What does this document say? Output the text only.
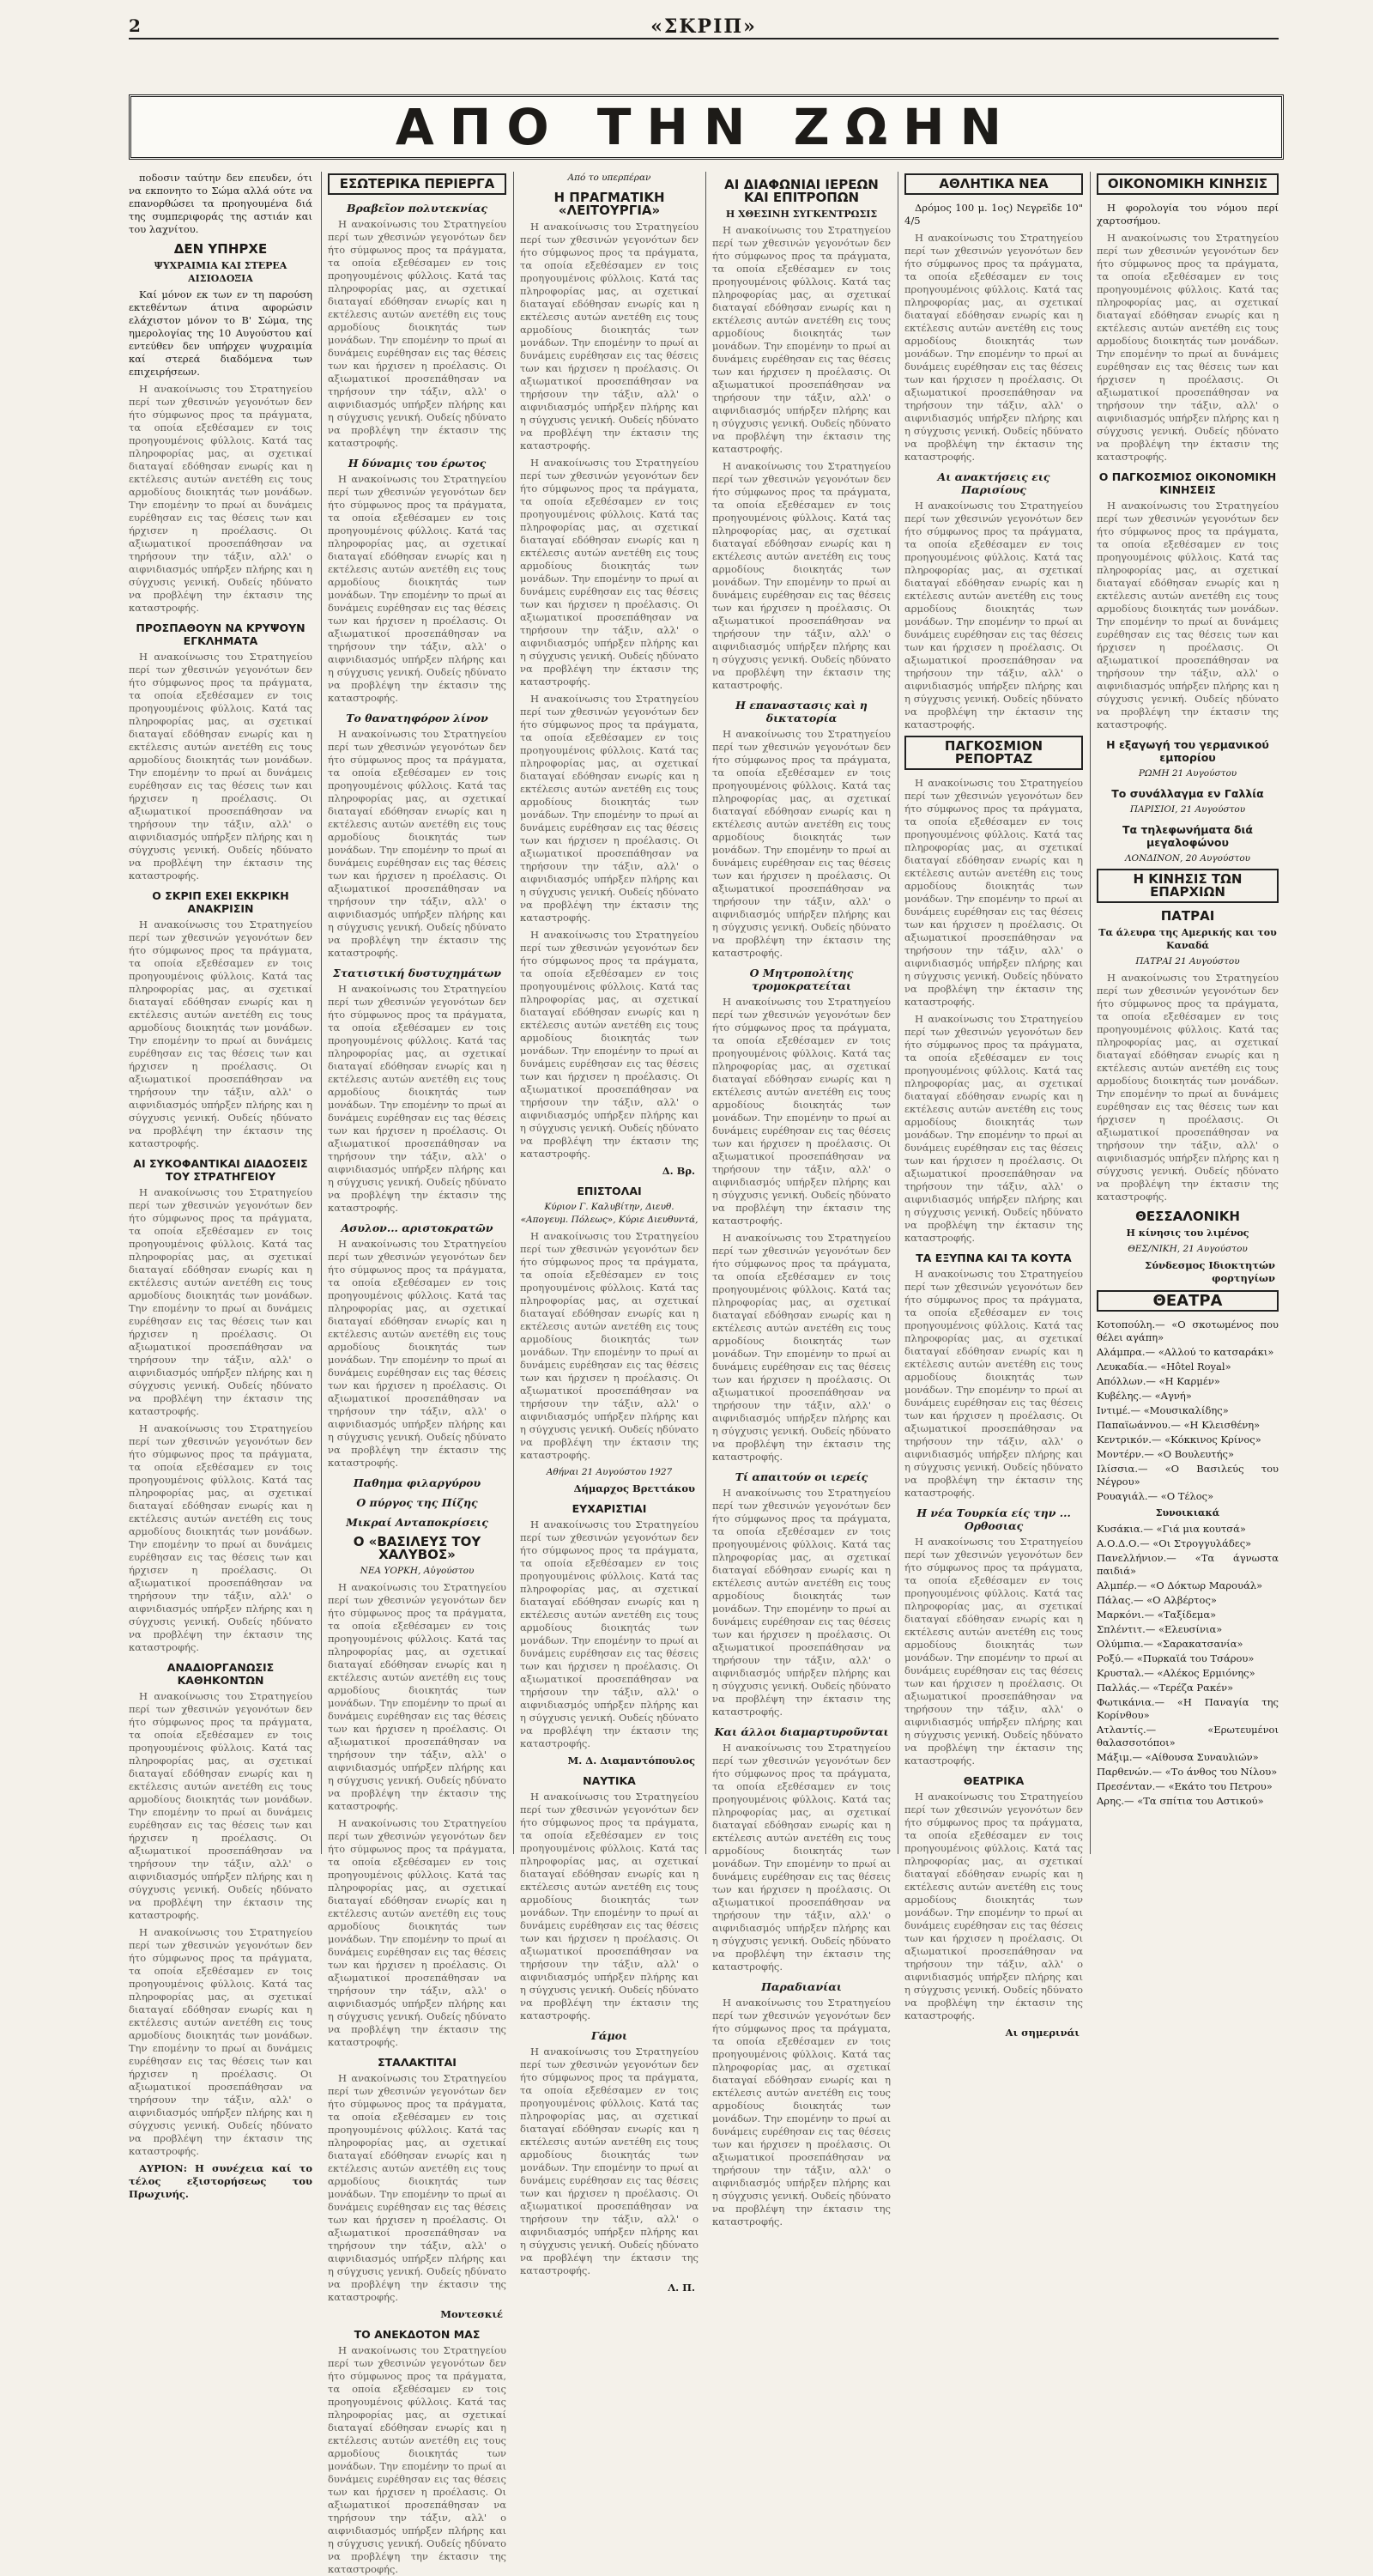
2	«ΣΚΡΙΠ»
ΑΠΟ ΤΗΝ ΖΩΗΝ

ποδοσιν ταύτην δεν επευδεν, ότι να εκπονητο το Σώμα αλλά ούτε να επανορθώσει τα προηγουμένα διά της συμπεριφοράς της αστιάν και του λαχνίτου.

ΔΕΝ ΥΠΗΡΧΕ
ΨΥΧΡΑΙΜΙΑ ΚΑΙ ΣΤΕΡΕΑ ΑΙΣΙΟΔΟΞΙΑ

Καί μόνον εκ των εν τη παρούση εκτεθέντων άτινα αφορώσιν ελάχιστον μόνον το Β' Σώμα, της ημερολογίας της 10 Αυγούστου καί εντεύθεν δεν υπήρχεν ψυχραιμία καί στερεά διαδόμενα των επιχειρήσεων.

Η ανακοίνωσις του Στρατηγείου περί των χθεσινών γεγονότων δεν ήτο σύμφωνος προς τα πράγματα, τα οποία εξεθέσαμεν εν τοις προηγουμένοις φύλλοις. Κατά τας πληροφορίας μας, αι σχετικαί διαταγαί εδόθησαν ενωρίς και η εκτέλεσις αυτών ανετέθη εις τους αρμοδίους διοικητάς των μονάδων. Την επομένην το πρωί αι δυνάμεις ευρέθησαν εις τας θέσεις των και ήρχισεν η προέλασις. Οι αξιωματικοί προσεπάθησαν να τηρήσουν την τάξιν, αλλ' ο αιφνιδιασμός υπήρξεν πλήρης και η σύγχυσις γενική. Ουδείς ηδύνατο να προβλέψη την έκτασιν της καταστροφής.

ΠΡΟΣΠΑΘΟΥΝ ΝΑ ΚΡΥΨΟΥΝ ΕΓΚΛΗΜΑΤΑ

Η ανακοίνωσις του Στρατηγείου περί των χθεσινών γεγονότων δεν ήτο σύμφωνος προς τα πράγματα, τα οποία εξεθέσαμεν εν τοις προηγουμένοις φύλλοις. Κατά τας πληροφορίας μας, αι σχετικαί διαταγαί εδόθησαν ενωρίς και η εκτέλεσις αυτών ανετέθη εις τους αρμοδίους διοικητάς των μονάδων. Την επομένην το πρωί αι δυνάμεις ευρέθησαν εις τας θέσεις των και ήρχισεν η προέλασις. Οι αξιωματικοί προσεπάθησαν να τηρήσουν την τάξιν, αλλ' ο αιφνιδιασμός υπήρξεν πλήρης και η σύγχυσις γενική. Ουδείς ηδύνατο να προβλέψη την έκτασιν της καταστροφής.

Ο ΣΚΡΙΠ ΕΧΕΙ ΕΚΚΡΙΚΗ ΑΝΑΚΡΙΣΙΝ

Η ανακοίνωσις του Στρατηγείου περί των χθεσινών γεγονότων δεν ήτο σύμφωνος προς τα πράγματα, τα οποία εξεθέσαμεν εν τοις προηγουμένοις φύλλοις. Κατά τας πληροφορίας μας, αι σχετικαί διαταγαί εδόθησαν ενωρίς και η εκτέλεσις αυτών ανετέθη εις τους αρμοδίους διοικητάς των μονάδων. Την επομένην το πρωί αι δυνάμεις ευρέθησαν εις τας θέσεις των και ήρχισεν η προέλασις. Οι αξιωματικοί προσεπάθησαν να τηρήσουν την τάξιν, αλλ' ο αιφνιδιασμός υπήρξεν πλήρης και η σύγχυσις γενική. Ουδείς ηδύνατο να προβλέψη την έκτασιν της καταστροφής.

ΑΙ ΣΥΚΟΦΑΝΤΙΚΑΙ ΔΙΑΔΟΣΕΙΣ ΤΟΥ ΣΤΡΑΤΗΓΕΙΟΥ

Η ανακοίνωσις του Στρατηγείου περί των χθεσινών γεγονότων δεν ήτο σύμφωνος προς τα πράγματα, τα οποία εξεθέσαμεν εν τοις προηγουμένοις φύλλοις. Κατά τας πληροφορίας μας, αι σχετικαί διαταγαί εδόθησαν ενωρίς και η εκτέλεσις αυτών ανετέθη εις τους αρμοδίους διοικητάς των μονάδων. Την επομένην το πρωί αι δυνάμεις ευρέθησαν εις τας θέσεις των και ήρχισεν η προέλασις. Οι αξιωματικοί προσεπάθησαν να τηρήσουν την τάξιν, αλλ' ο αιφνιδιασμός υπήρξεν πλήρης και η σύγχυσις γενική. Ουδείς ηδύνατο να προβλέψη την έκτασιν της καταστροφής.

Η ανακοίνωσις του Στρατηγείου περί των χθεσινών γεγονότων δεν ήτο σύμφωνος προς τα πράγματα, τα οποία εξεθέσαμεν εν τοις προηγουμένοις φύλλοις. Κατά τας πληροφορίας μας, αι σχετικαί διαταγαί εδόθησαν ενωρίς και η εκτέλεσις αυτών ανετέθη εις τους αρμοδίους διοικητάς των μονάδων. Την επομένην το πρωί αι δυνάμεις ευρέθησαν εις τας θέσεις των και ήρχισεν η προέλασις. Οι αξιωματικοί προσεπάθησαν να τηρήσουν την τάξιν, αλλ' ο αιφνιδιασμός υπήρξεν πλήρης και η σύγχυσις γενική. Ουδείς ηδύνατο να προβλέψη την έκτασιν της καταστροφής.

ΑΝΑΔΙΟΡΓΑΝΩΣΙΣ ΚΑΘΗΚΟΝΤΩΝ

Η ανακοίνωσις του Στρατηγείου περί των χθεσινών γεγονότων δεν ήτο σύμφωνος προς τα πράγματα, τα οποία εξεθέσαμεν εν τοις προηγουμένοις φύλλοις. Κατά τας πληροφορίας μας, αι σχετικαί διαταγαί εδόθησαν ενωρίς και η εκτέλεσις αυτών ανετέθη εις τους αρμοδίους διοικητάς των μονάδων. Την επομένην το πρωί αι δυνάμεις ευρέθησαν εις τας θέσεις των και ήρχισεν η προέλασις. Οι αξιωματικοί προσεπάθησαν να τηρήσουν την τάξιν, αλλ' ο αιφνιδιασμός υπήρξεν πλήρης και η σύγχυσις γενική. Ουδείς ηδύνατο να προβλέψη την έκτασιν της καταστροφής.

Η ανακοίνωσις του Στρατηγείου περί των χθεσινών γεγονότων δεν ήτο σύμφωνος προς τα πράγματα, τα οποία εξεθέσαμεν εν τοις προηγουμένοις φύλλοις. Κατά τας πληροφορίας μας, αι σχετικαί διαταγαί εδόθησαν ενωρίς και η εκτέλεσις αυτών ανετέθη εις τους αρμοδίους διοικητάς των μονάδων. Την επομένην το πρωί αι δυνάμεις ευρέθησαν εις τας θέσεις των και ήρχισεν η προέλασις. Οι αξιωματικοί προσεπάθησαν να τηρήσουν την τάξιν, αλλ' ο αιφνιδιασμός υπήρξεν πλήρης και η σύγχυσις γενική. Ουδείς ηδύνατο να προβλέψη την έκτασιν της καταστροφής.

ΑΥΡΙΟΝ: Η συνέχεια καί το τέλος εξιστορήσεως του Πρωχινής.

ΕΣΩΤΕΡΙΚΑ ΠΕΡΙΕΡΓΑ
Βραβεῖον πολυτεκνίας

Η ανακοίνωσις του Στρατηγείου περί των χθεσινών γεγονότων δεν ήτο σύμφωνος προς τα πράγματα, τα οποία εξεθέσαμεν εν τοις προηγουμένοις φύλλοις. Κατά τας πληροφορίας μας, αι σχετικαί διαταγαί εδόθησαν ενωρίς και η εκτέλεσις αυτών ανετέθη εις τους αρμοδίους διοικητάς των μονάδων. Την επομένην το πρωί αι δυνάμεις ευρέθησαν εις τας θέσεις των και ήρχισεν η προέλασις. Οι αξιωματικοί προσεπάθησαν να τηρήσουν την τάξιν, αλλ' ο αιφνιδιασμός υπήρξεν πλήρης και η σύγχυσις γενική. Ουδείς ηδύνατο να προβλέψη την έκτασιν της καταστροφής.

Η δύναμις του έρωτος

Η ανακοίνωσις του Στρατηγείου περί των χθεσινών γεγονότων δεν ήτο σύμφωνος προς τα πράγματα, τα οποία εξεθέσαμεν εν τοις προηγουμένοις φύλλοις. Κατά τας πληροφορίας μας, αι σχετικαί διαταγαί εδόθησαν ενωρίς και η εκτέλεσις αυτών ανετέθη εις τους αρμοδίους διοικητάς των μονάδων. Την επομένην το πρωί αι δυνάμεις ευρέθησαν εις τας θέσεις των και ήρχισεν η προέλασις. Οι αξιωματικοί προσεπάθησαν να τηρήσουν την τάξιν, αλλ' ο αιφνιδιασμός υπήρξεν πλήρης και η σύγχυσις γενική. Ουδείς ηδύνατο να προβλέψη την έκτασιν της καταστροφής.

Το θανατηφόρον λίνον

Η ανακοίνωσις του Στρατηγείου περί των χθεσινών γεγονότων δεν ήτο σύμφωνος προς τα πράγματα, τα οποία εξεθέσαμεν εν τοις προηγουμένοις φύλλοις. Κατά τας πληροφορίας μας, αι σχετικαί διαταγαί εδόθησαν ενωρίς και η εκτέλεσις αυτών ανετέθη εις τους αρμοδίους διοικητάς των μονάδων. Την επομένην το πρωί αι δυνάμεις ευρέθησαν εις τας θέσεις των και ήρχισεν η προέλασις. Οι αξιωματικοί προσεπάθησαν να τηρήσουν την τάξιν, αλλ' ο αιφνιδιασμός υπήρξεν πλήρης και η σύγχυσις γενική. Ουδείς ηδύνατο να προβλέψη την έκτασιν της καταστροφής.

Στατιστική δυστυχημάτων

Η ανακοίνωσις του Στρατηγείου περί των χθεσινών γεγονότων δεν ήτο σύμφωνος προς τα πράγματα, τα οποία εξεθέσαμεν εν τοις προηγουμένοις φύλλοις. Κατά τας πληροφορίας μας, αι σχετικαί διαταγαί εδόθησαν ενωρίς και η εκτέλεσις αυτών ανετέθη εις τους αρμοδίους διοικητάς των μονάδων. Την επομένην το πρωί αι δυνάμεις ευρέθησαν εις τας θέσεις των και ήρχισεν η προέλασις. Οι αξιωματικοί προσεπάθησαν να τηρήσουν την τάξιν, αλλ' ο αιφνιδιασμός υπήρξεν πλήρης και η σύγχυσις γενική. Ουδείς ηδύνατο να προβλέψη την έκτασιν της καταστροφής.

Ασυλον... αριστοκρατῶν

Η ανακοίνωσις του Στρατηγείου περί των χθεσινών γεγονότων δεν ήτο σύμφωνος προς τα πράγματα, τα οποία εξεθέσαμεν εν τοις προηγουμένοις φύλλοις. Κατά τας πληροφορίας μας, αι σχετικαί διαταγαί εδόθησαν ενωρίς και η εκτέλεσις αυτών ανετέθη εις τους αρμοδίους διοικητάς των μονάδων. Την επομένην το πρωί αι δυνάμεις ευρέθησαν εις τας θέσεις των και ήρχισεν η προέλασις. Οι αξιωματικοί προσεπάθησαν να τηρήσουν την τάξιν, αλλ' ο αιφνιδιασμός υπήρξεν πλήρης και η σύγχυσις γενική. Ουδείς ηδύνατο να προβλέψη την έκτασιν της καταστροφής.

Παθημα φιλαργύρου
Ο πύργος της Πίζης
Μικραί Ανταποκρίσεις
Ο «ΒΑΣΙΛΕΥΣ ΤΟΥ ΧΑΛΥΒΟΣ»
ΝΕΑ ΥΟΡΚΗ, Αὐγούστου

Η ανακοίνωσις του Στρατηγείου περί των χθεσινών γεγονότων δεν ήτο σύμφωνος προς τα πράγματα, τα οποία εξεθέσαμεν εν τοις προηγουμένοις φύλλοις. Κατά τας πληροφορίας μας, αι σχετικαί διαταγαί εδόθησαν ενωρίς και η εκτέλεσις αυτών ανετέθη εις τους αρμοδίους διοικητάς των μονάδων. Την επομένην το πρωί αι δυνάμεις ευρέθησαν εις τας θέσεις των και ήρχισεν η προέλασις. Οι αξιωματικοί προσεπάθησαν να τηρήσουν την τάξιν, αλλ' ο αιφνιδιασμός υπήρξεν πλήρης και η σύγχυσις γενική. Ουδείς ηδύνατο να προβλέψη την έκτασιν της καταστροφής.

Η ανακοίνωσις του Στρατηγείου περί των χθεσινών γεγονότων δεν ήτο σύμφωνος προς τα πράγματα, τα οποία εξεθέσαμεν εν τοις προηγουμένοις φύλλοις. Κατά τας πληροφορίας μας, αι σχετικαί διαταγαί εδόθησαν ενωρίς και η εκτέλεσις αυτών ανετέθη εις τους αρμοδίους διοικητάς των μονάδων. Την επομένην το πρωί αι δυνάμεις ευρέθησαν εις τας θέσεις των και ήρχισεν η προέλασις. Οι αξιωματικοί προσεπάθησαν να τηρήσουν την τάξιν, αλλ' ο αιφνιδιασμός υπήρξεν πλήρης και η σύγχυσις γενική. Ουδείς ηδύνατο να προβλέψη την έκτασιν της καταστροφής.

ΣΤΑΛΑΚΤΙΤΑΙ

Η ανακοίνωσις του Στρατηγείου περί των χθεσινών γεγονότων δεν ήτο σύμφωνος προς τα πράγματα, τα οποία εξεθέσαμεν εν τοις προηγουμένοις φύλλοις. Κατά τας πληροφορίας μας, αι σχετικαί διαταγαί εδόθησαν ενωρίς και η εκτέλεσις αυτών ανετέθη εις τους αρμοδίους διοικητάς των μονάδων. Την επομένην το πρωί αι δυνάμεις ευρέθησαν εις τας θέσεις των και ήρχισεν η προέλασις. Οι αξιωματικοί προσεπάθησαν να τηρήσουν την τάξιν, αλλ' ο αιφνιδιασμός υπήρξεν πλήρης και η σύγχυσις γενική. Ουδείς ηδύνατο να προβλέψη την έκτασιν της καταστροφής.

Μοντεσκιέ
ΤΟ ΑΝΕΚΔΟΤΟΝ ΜΑΣ

Η ανακοίνωσις του Στρατηγείου περί των χθεσινών γεγονότων δεν ήτο σύμφωνος προς τα πράγματα, τα οποία εξεθέσαμεν εν τοις προηγουμένοις φύλλοις. Κατά τας πληροφορίας μας, αι σχετικαί διαταγαί εδόθησαν ενωρίς και η εκτέλεσις αυτών ανετέθη εις τους αρμοδίους διοικητάς των μονάδων. Την επομένην το πρωί αι δυνάμεις ευρέθησαν εις τας θέσεις των και ήρχισεν η προέλασις. Οι αξιωματικοί προσεπάθησαν να τηρήσουν την τάξιν, αλλ' ο αιφνιδιασμός υπήρξεν πλήρης και η σύγχυσις γενική. Ουδείς ηδύνατο να προβλέψη την έκτασιν της καταστροφής.

Από το υπερπέραν
Η ΠΡΑΓΜΑΤΙΚΗ «ΛΕΙΤΟΥΡΓΙΑ»

Η ανακοίνωσις του Στρατηγείου περί των χθεσινών γεγονότων δεν ήτο σύμφωνος προς τα πράγματα, τα οποία εξεθέσαμεν εν τοις προηγουμένοις φύλλοις. Κατά τας πληροφορίας μας, αι σχετικαί διαταγαί εδόθησαν ενωρίς και η εκτέλεσις αυτών ανετέθη εις τους αρμοδίους διοικητάς των μονάδων. Την επομένην το πρωί αι δυνάμεις ευρέθησαν εις τας θέσεις των και ήρχισεν η προέλασις. Οι αξιωματικοί προσεπάθησαν να τηρήσουν την τάξιν, αλλ' ο αιφνιδιασμός υπήρξεν πλήρης και η σύγχυσις γενική. Ουδείς ηδύνατο να προβλέψη την έκτασιν της καταστροφής.

Η ανακοίνωσις του Στρατηγείου περί των χθεσινών γεγονότων δεν ήτο σύμφωνος προς τα πράγματα, τα οποία εξεθέσαμεν εν τοις προηγουμένοις φύλλοις. Κατά τας πληροφορίας μας, αι σχετικαί διαταγαί εδόθησαν ενωρίς και η εκτέλεσις αυτών ανετέθη εις τους αρμοδίους διοικητάς των μονάδων. Την επομένην το πρωί αι δυνάμεις ευρέθησαν εις τας θέσεις των και ήρχισεν η προέλασις. Οι αξιωματικοί προσεπάθησαν να τηρήσουν την τάξιν, αλλ' ο αιφνιδιασμός υπήρξεν πλήρης και η σύγχυσις γενική. Ουδείς ηδύνατο να προβλέψη την έκτασιν της καταστροφής.

Η ανακοίνωσις του Στρατηγείου περί των χθεσινών γεγονότων δεν ήτο σύμφωνος προς τα πράγματα, τα οποία εξεθέσαμεν εν τοις προηγουμένοις φύλλοις. Κατά τας πληροφορίας μας, αι σχετικαί διαταγαί εδόθησαν ενωρίς και η εκτέλεσις αυτών ανετέθη εις τους αρμοδίους διοικητάς των μονάδων. Την επομένην το πρωί αι δυνάμεις ευρέθησαν εις τας θέσεις των και ήρχισεν η προέλασις. Οι αξιωματικοί προσεπάθησαν να τηρήσουν την τάξιν, αλλ' ο αιφνιδιασμός υπήρξεν πλήρης και η σύγχυσις γενική. Ουδείς ηδύνατο να προβλέψη την έκτασιν της καταστροφής.

Η ανακοίνωσις του Στρατηγείου περί των χθεσινών γεγονότων δεν ήτο σύμφωνος προς τα πράγματα, τα οποία εξεθέσαμεν εν τοις προηγουμένοις φύλλοις. Κατά τας πληροφορίας μας, αι σχετικαί διαταγαί εδόθησαν ενωρίς και η εκτέλεσις αυτών ανετέθη εις τους αρμοδίους διοικητάς των μονάδων. Την επομένην το πρωί αι δυνάμεις ευρέθησαν εις τας θέσεις των και ήρχισεν η προέλασις. Οι αξιωματικοί προσεπάθησαν να τηρήσουν την τάξιν, αλλ' ο αιφνιδιασμός υπήρξεν πλήρης και η σύγχυσις γενική. Ουδείς ηδύνατο να προβλέψη την έκτασιν της καταστροφής.

Δ. Βρ.
ΕΠΙΣΤΟΛΑΙ
Κύριον Γ. Καλυβίτην, Διευθ. «Απογευμ. Πόλεως», Κύριε Διευθυντά,

Η ανακοίνωσις του Στρατηγείου περί των χθεσινών γεγονότων δεν ήτο σύμφωνος προς τα πράγματα, τα οποία εξεθέσαμεν εν τοις προηγουμένοις φύλλοις. Κατά τας πληροφορίας μας, αι σχετικαί διαταγαί εδόθησαν ενωρίς και η εκτέλεσις αυτών ανετέθη εις τους αρμοδίους διοικητάς των μονάδων. Την επομένην το πρωί αι δυνάμεις ευρέθησαν εις τας θέσεις των και ήρχισεν η προέλασις. Οι αξιωματικοί προσεπάθησαν να τηρήσουν την τάξιν, αλλ' ο αιφνιδιασμός υπήρξεν πλήρης και η σύγχυσις γενική. Ουδείς ηδύνατο να προβλέψη την έκτασιν της καταστροφής.

Αθήναι 21 Αυγούστου 1927
Δήμαρχος Βρεττάκου
ΕΥΧΑΡΙΣΤΙΑΙ

Η ανακοίνωσις του Στρατηγείου περί των χθεσινών γεγονότων δεν ήτο σύμφωνος προς τα πράγματα, τα οποία εξεθέσαμεν εν τοις προηγουμένοις φύλλοις. Κατά τας πληροφορίας μας, αι σχετικαί διαταγαί εδόθησαν ενωρίς και η εκτέλεσις αυτών ανετέθη εις τους αρμοδίους διοικητάς των μονάδων. Την επομένην το πρωί αι δυνάμεις ευρέθησαν εις τας θέσεις των και ήρχισεν η προέλασις. Οι αξιωματικοί προσεπάθησαν να τηρήσουν την τάξιν, αλλ' ο αιφνιδιασμός υπήρξεν πλήρης και η σύγχυσις γενική. Ουδείς ηδύνατο να προβλέψη την έκτασιν της καταστροφής.

Μ. Δ. Διαμαντόπουλος
ΝΑΥΤΙΚΑ

Η ανακοίνωσις του Στρατηγείου περί των χθεσινών γεγονότων δεν ήτο σύμφωνος προς τα πράγματα, τα οποία εξεθέσαμεν εν τοις προηγουμένοις φύλλοις. Κατά τας πληροφορίας μας, αι σχετικαί διαταγαί εδόθησαν ενωρίς και η εκτέλεσις αυτών ανετέθη εις τους αρμοδίους διοικητάς των μονάδων. Την επομένην το πρωί αι δυνάμεις ευρέθησαν εις τας θέσεις των και ήρχισεν η προέλασις. Οι αξιωματικοί προσεπάθησαν να τηρήσουν την τάξιν, αλλ' ο αιφνιδιασμός υπήρξεν πλήρης και η σύγχυσις γενική. Ουδείς ηδύνατο να προβλέψη την έκτασιν της καταστροφής.

Γάμοι

Η ανακοίνωσις του Στρατηγείου περί των χθεσινών γεγονότων δεν ήτο σύμφωνος προς τα πράγματα, τα οποία εξεθέσαμεν εν τοις προηγουμένοις φύλλοις. Κατά τας πληροφορίας μας, αι σχετικαί διαταγαί εδόθησαν ενωρίς και η εκτέλεσις αυτών ανετέθη εις τους αρμοδίους διοικητάς των μονάδων. Την επομένην το πρωί αι δυνάμεις ευρέθησαν εις τας θέσεις των και ήρχισεν η προέλασις. Οι αξιωματικοί προσεπάθησαν να τηρήσουν την τάξιν, αλλ' ο αιφνιδιασμός υπήρξεν πλήρης και η σύγχυσις γενική. Ουδείς ηδύνατο να προβλέψη την έκτασιν της καταστροφής.

Λ. Π.
ΑΙ ΔΙΑΦΩΝΙΑΙ ΙΕΡΕΩΝ ΚΑΙ ΕΠΙΤΡΟΠΩΝ
Η ΧΘΕΣΙΝΗ ΣΥΓΚΕΝΤΡΩΣΙΣ

Η ανακοίνωσις του Στρατηγείου περί των χθεσινών γεγονότων δεν ήτο σύμφωνος προς τα πράγματα, τα οποία εξεθέσαμεν εν τοις προηγουμένοις φύλλοις. Κατά τας πληροφορίας μας, αι σχετικαί διαταγαί εδόθησαν ενωρίς και η εκτέλεσις αυτών ανετέθη εις τους αρμοδίους διοικητάς των μονάδων. Την επομένην το πρωί αι δυνάμεις ευρέθησαν εις τας θέσεις των και ήρχισεν η προέλασις. Οι αξιωματικοί προσεπάθησαν να τηρήσουν την τάξιν, αλλ' ο αιφνιδιασμός υπήρξεν πλήρης και η σύγχυσις γενική. Ουδείς ηδύνατο να προβλέψη την έκτασιν της καταστροφής.

Η ανακοίνωσις του Στρατηγείου περί των χθεσινών γεγονότων δεν ήτο σύμφωνος προς τα πράγματα, τα οποία εξεθέσαμεν εν τοις προηγουμένοις φύλλοις. Κατά τας πληροφορίας μας, αι σχετικαί διαταγαί εδόθησαν ενωρίς και η εκτέλεσις αυτών ανετέθη εις τους αρμοδίους διοικητάς των μονάδων. Την επομένην το πρωί αι δυνάμεις ευρέθησαν εις τας θέσεις των και ήρχισεν η προέλασις. Οι αξιωματικοί προσεπάθησαν να τηρήσουν την τάξιν, αλλ' ο αιφνιδιασμός υπήρξεν πλήρης και η σύγχυσις γενική. Ουδείς ηδύνατο να προβλέψη την έκτασιν της καταστροφής.

Η επαναστασις καὶ η δικτατορία

Η ανακοίνωσις του Στρατηγείου περί των χθεσινών γεγονότων δεν ήτο σύμφωνος προς τα πράγματα, τα οποία εξεθέσαμεν εν τοις προηγουμένοις φύλλοις. Κατά τας πληροφορίας μας, αι σχετικαί διαταγαί εδόθησαν ενωρίς και η εκτέλεσις αυτών ανετέθη εις τους αρμοδίους διοικητάς των μονάδων. Την επομένην το πρωί αι δυνάμεις ευρέθησαν εις τας θέσεις των και ήρχισεν η προέλασις. Οι αξιωματικοί προσεπάθησαν να τηρήσουν την τάξιν, αλλ' ο αιφνιδιασμός υπήρξεν πλήρης και η σύγχυσις γενική. Ουδείς ηδύνατο να προβλέψη την έκτασιν της καταστροφής.

Ο Μητροπολίτης τρομοκρατείται

Η ανακοίνωσις του Στρατηγείου περί των χθεσινών γεγονότων δεν ήτο σύμφωνος προς τα πράγματα, τα οποία εξεθέσαμεν εν τοις προηγουμένοις φύλλοις. Κατά τας πληροφορίας μας, αι σχετικαί διαταγαί εδόθησαν ενωρίς και η εκτέλεσις αυτών ανετέθη εις τους αρμοδίους διοικητάς των μονάδων. Την επομένην το πρωί αι δυνάμεις ευρέθησαν εις τας θέσεις των και ήρχισεν η προέλασις. Οι αξιωματικοί προσεπάθησαν να τηρήσουν την τάξιν, αλλ' ο αιφνιδιασμός υπήρξεν πλήρης και η σύγχυσις γενική. Ουδείς ηδύνατο να προβλέψη την έκτασιν της καταστροφής.

Η ανακοίνωσις του Στρατηγείου περί των χθεσινών γεγονότων δεν ήτο σύμφωνος προς τα πράγματα, τα οποία εξεθέσαμεν εν τοις προηγουμένοις φύλλοις. Κατά τας πληροφορίας μας, αι σχετικαί διαταγαί εδόθησαν ενωρίς και η εκτέλεσις αυτών ανετέθη εις τους αρμοδίους διοικητάς των μονάδων. Την επομένην το πρωί αι δυνάμεις ευρέθησαν εις τας θέσεις των και ήρχισεν η προέλασις. Οι αξιωματικοί προσεπάθησαν να τηρήσουν την τάξιν, αλλ' ο αιφνιδιασμός υπήρξεν πλήρης και η σύγχυσις γενική. Ουδείς ηδύνατο να προβλέψη την έκτασιν της καταστροφής.

Τί απαιτούν οι ιερείς

Η ανακοίνωσις του Στρατηγείου περί των χθεσινών γεγονότων δεν ήτο σύμφωνος προς τα πράγματα, τα οποία εξεθέσαμεν εν τοις προηγουμένοις φύλλοις. Κατά τας πληροφορίας μας, αι σχετικαί διαταγαί εδόθησαν ενωρίς και η εκτέλεσις αυτών ανετέθη εις τους αρμοδίους διοικητάς των μονάδων. Την επομένην το πρωί αι δυνάμεις ευρέθησαν εις τας θέσεις των και ήρχισεν η προέλασις. Οι αξιωματικοί προσεπάθησαν να τηρήσουν την τάξιν, αλλ' ο αιφνιδιασμός υπήρξεν πλήρης και η σύγχυσις γενική. Ουδείς ηδύνατο να προβλέψη την έκτασιν της καταστροφής.

Και άλλοι διαμαρτυροῦνται

Η ανακοίνωσις του Στρατηγείου περί των χθεσινών γεγονότων δεν ήτο σύμφωνος προς τα πράγματα, τα οποία εξεθέσαμεν εν τοις προηγουμένοις φύλλοις. Κατά τας πληροφορίας μας, αι σχετικαί διαταγαί εδόθησαν ενωρίς και η εκτέλεσις αυτών ανετέθη εις τους αρμοδίους διοικητάς των μονάδων. Την επομένην το πρωί αι δυνάμεις ευρέθησαν εις τας θέσεις των και ήρχισεν η προέλασις. Οι αξιωματικοί προσεπάθησαν να τηρήσουν την τάξιν, αλλ' ο αιφνιδιασμός υπήρξεν πλήρης και η σύγχυσις γενική. Ουδείς ηδύνατο να προβλέψη την έκτασιν της καταστροφής.

Παραδιανίαι

Η ανακοίνωσις του Στρατηγείου περί των χθεσινών γεγονότων δεν ήτο σύμφωνος προς τα πράγματα, τα οποία εξεθέσαμεν εν τοις προηγουμένοις φύλλοις. Κατά τας πληροφορίας μας, αι σχετικαί διαταγαί εδόθησαν ενωρίς και η εκτέλεσις αυτών ανετέθη εις τους αρμοδίους διοικητάς των μονάδων. Την επομένην το πρωί αι δυνάμεις ευρέθησαν εις τας θέσεις των και ήρχισεν η προέλασις. Οι αξιωματικοί προσεπάθησαν να τηρήσουν την τάξιν, αλλ' ο αιφνιδιασμός υπήρξεν πλήρης και η σύγχυσις γενική. Ουδείς ηδύνατο να προβλέψη την έκτασιν της καταστροφής.

ΑΘΛΗΤΙΚΑ ΝΕΑ

Δρόμος 100 μ. 1ος) Νεγρεῖδε 10" 4/5

Η ανακοίνωσις του Στρατηγείου περί των χθεσινών γεγονότων δεν ήτο σύμφωνος προς τα πράγματα, τα οποία εξεθέσαμεν εν τοις προηγουμένοις φύλλοις. Κατά τας πληροφορίας μας, αι σχετικαί διαταγαί εδόθησαν ενωρίς και η εκτέλεσις αυτών ανετέθη εις τους αρμοδίους διοικητάς των μονάδων. Την επομένην το πρωί αι δυνάμεις ευρέθησαν εις τας θέσεις των και ήρχισεν η προέλασις. Οι αξιωματικοί προσεπάθησαν να τηρήσουν την τάξιν, αλλ' ο αιφνιδιασμός υπήρξεν πλήρης και η σύγχυσις γενική. Ουδείς ηδύνατο να προβλέψη την έκτασιν της καταστροφής.

Αι ανακτήσεις εις Παρισίους

Η ανακοίνωσις του Στρατηγείου περί των χθεσινών γεγονότων δεν ήτο σύμφωνος προς τα πράγματα, τα οποία εξεθέσαμεν εν τοις προηγουμένοις φύλλοις. Κατά τας πληροφορίας μας, αι σχετικαί διαταγαί εδόθησαν ενωρίς και η εκτέλεσις αυτών ανετέθη εις τους αρμοδίους διοικητάς των μονάδων. Την επομένην το πρωί αι δυνάμεις ευρέθησαν εις τας θέσεις των και ήρχισεν η προέλασις. Οι αξιωματικοί προσεπάθησαν να τηρήσουν την τάξιν, αλλ' ο αιφνιδιασμός υπήρξεν πλήρης και η σύγχυσις γενική. Ουδείς ηδύνατο να προβλέψη την έκτασιν της καταστροφής.

ΠΑΓΚΟΣΜΙΟΝ ΡΕΠΟΡΤΑΖ

Η ανακοίνωσις του Στρατηγείου περί των χθεσινών γεγονότων δεν ήτο σύμφωνος προς τα πράγματα, τα οποία εξεθέσαμεν εν τοις προηγουμένοις φύλλοις. Κατά τας πληροφορίας μας, αι σχετικαί διαταγαί εδόθησαν ενωρίς και η εκτέλεσις αυτών ανετέθη εις τους αρμοδίους διοικητάς των μονάδων. Την επομένην το πρωί αι δυνάμεις ευρέθησαν εις τας θέσεις των και ήρχισεν η προέλασις. Οι αξιωματικοί προσεπάθησαν να τηρήσουν την τάξιν, αλλ' ο αιφνιδιασμός υπήρξεν πλήρης και η σύγχυσις γενική. Ουδείς ηδύνατο να προβλέψη την έκτασιν της καταστροφής.

Η ανακοίνωσις του Στρατηγείου περί των χθεσινών γεγονότων δεν ήτο σύμφωνος προς τα πράγματα, τα οποία εξεθέσαμεν εν τοις προηγουμένοις φύλλοις. Κατά τας πληροφορίας μας, αι σχετικαί διαταγαί εδόθησαν ενωρίς και η εκτέλεσις αυτών ανετέθη εις τους αρμοδίους διοικητάς των μονάδων. Την επομένην το πρωί αι δυνάμεις ευρέθησαν εις τας θέσεις των και ήρχισεν η προέλασις. Οι αξιωματικοί προσεπάθησαν να τηρήσουν την τάξιν, αλλ' ο αιφνιδιασμός υπήρξεν πλήρης και η σύγχυσις γενική. Ουδείς ηδύνατο να προβλέψη την έκτασιν της καταστροφής.

ΤΑ ΕΞΥΠΝΑ ΚΑΙ ΤΑ ΚΟΥΤΑ

Η ανακοίνωσις του Στρατηγείου περί των χθεσινών γεγονότων δεν ήτο σύμφωνος προς τα πράγματα, τα οποία εξεθέσαμεν εν τοις προηγουμένοις φύλλοις. Κατά τας πληροφορίας μας, αι σχετικαί διαταγαί εδόθησαν ενωρίς και η εκτέλεσις αυτών ανετέθη εις τους αρμοδίους διοικητάς των μονάδων. Την επομένην το πρωί αι δυνάμεις ευρέθησαν εις τας θέσεις των και ήρχισεν η προέλασις. Οι αξιωματικοί προσεπάθησαν να τηρήσουν την τάξιν, αλλ' ο αιφνιδιασμός υπήρξεν πλήρης και η σύγχυσις γενική. Ουδείς ηδύνατο να προβλέψη την έκτασιν της καταστροφής.

Η νέα Τουρκία είς την ... Ορθοσιας

Η ανακοίνωσις του Στρατηγείου περί των χθεσινών γεγονότων δεν ήτο σύμφωνος προς τα πράγματα, τα οποία εξεθέσαμεν εν τοις προηγουμένοις φύλλοις. Κατά τας πληροφορίας μας, αι σχετικαί διαταγαί εδόθησαν ενωρίς και η εκτέλεσις αυτών ανετέθη εις τους αρμοδίους διοικητάς των μονάδων. Την επομένην το πρωί αι δυνάμεις ευρέθησαν εις τας θέσεις των και ήρχισεν η προέλασις. Οι αξιωματικοί προσεπάθησαν να τηρήσουν την τάξιν, αλλ' ο αιφνιδιασμός υπήρξεν πλήρης και η σύγχυσις γενική. Ουδείς ηδύνατο να προβλέψη την έκτασιν της καταστροφής.

ΘΕΑΤΡΙΚΑ

Η ανακοίνωσις του Στρατηγείου περί των χθεσινών γεγονότων δεν ήτο σύμφωνος προς τα πράγματα, τα οποία εξεθέσαμεν εν τοις προηγουμένοις φύλλοις. Κατά τας πληροφορίας μας, αι σχετικαί διαταγαί εδόθησαν ενωρίς και η εκτέλεσις αυτών ανετέθη εις τους αρμοδίους διοικητάς των μονάδων. Την επομένην το πρωί αι δυνάμεις ευρέθησαν εις τας θέσεις των και ήρχισεν η προέλασις. Οι αξιωματικοί προσεπάθησαν να τηρήσουν την τάξιν, αλλ' ο αιφνιδιασμός υπήρξεν πλήρης και η σύγχυσις γενική. Ουδείς ηδύνατο να προβλέψη την έκτασιν της καταστροφής.

Αι σημερινάι
ΟΙΚΟΝΟΜΙΚΗ ΚΙΝΗΣΙΣ

Η φορολογία του νόμου περί χαρτοσήμου.

Η ανακοίνωσις του Στρατηγείου περί των χθεσινών γεγονότων δεν ήτο σύμφωνος προς τα πράγματα, τα οποία εξεθέσαμεν εν τοις προηγουμένοις φύλλοις. Κατά τας πληροφορίας μας, αι σχετικαί διαταγαί εδόθησαν ενωρίς και η εκτέλεσις αυτών ανετέθη εις τους αρμοδίους διοικητάς των μονάδων. Την επομένην το πρωί αι δυνάμεις ευρέθησαν εις τας θέσεις των και ήρχισεν η προέλασις. Οι αξιωματικοί προσεπάθησαν να τηρήσουν την τάξιν, αλλ' ο αιφνιδιασμός υπήρξεν πλήρης και η σύγχυσις γενική. Ουδείς ηδύνατο να προβλέψη την έκτασιν της καταστροφής.

Ο ΠΑΓΚΟΣΜΙΟΣ ΟΙΚΟΝΟΜΙΚΗ ΚΙΝΗΣΕΙΣ

Η ανακοίνωσις του Στρατηγείου περί των χθεσινών γεγονότων δεν ήτο σύμφωνος προς τα πράγματα, τα οποία εξεθέσαμεν εν τοις προηγουμένοις φύλλοις. Κατά τας πληροφορίας μας, αι σχετικαί διαταγαί εδόθησαν ενωρίς και η εκτέλεσις αυτών ανετέθη εις τους αρμοδίους διοικητάς των μονάδων. Την επομένην το πρωί αι δυνάμεις ευρέθησαν εις τας θέσεις των και ήρχισεν η προέλασις. Οι αξιωματικοί προσεπάθησαν να τηρήσουν την τάξιν, αλλ' ο αιφνιδιασμός υπήρξεν πλήρης και η σύγχυσις γενική. Ουδείς ηδύνατο να προβλέψη την έκτασιν της καταστροφής.

Η εξαγωγή του γερμανικού εμπορίου
ΡΩΜΗ 21 Αυγούστου
Το συνάλλαγμα εν Γαλλία
ΠΑΡΙΣΙΟΙ, 21 Αυγούστου
Τα τηλεφωνήματα διά μεγαλοφώνου
ΛΟΝΔΙΝΟΝ, 20 Αυγούστου
Η ΚΙΝΗΣΙΣ ΤΩΝ ΕΠΑΡΧΙΩΝ
ΠΑΤΡΑΙ
Τα άλευρα της Αμερικής και του Καναδά
ΠΑΤΡΑΙ 21 Αυγούστου

Η ανακοίνωσις του Στρατηγείου περί των χθεσινών γεγονότων δεν ήτο σύμφωνος προς τα πράγματα, τα οποία εξεθέσαμεν εν τοις προηγουμένοις φύλλοις. Κατά τας πληροφορίας μας, αι σχετικαί διαταγαί εδόθησαν ενωρίς και η εκτέλεσις αυτών ανετέθη εις τους αρμοδίους διοικητάς των μονάδων. Την επομένην το πρωί αι δυνάμεις ευρέθησαν εις τας θέσεις των και ήρχισεν η προέλασις. Οι αξιωματικοί προσεπάθησαν να τηρήσουν την τάξιν, αλλ' ο αιφνιδιασμός υπήρξεν πλήρης και η σύγχυσις γενική. Ουδείς ηδύνατο να προβλέψη την έκτασιν της καταστροφής.

ΘΕΣΣΑΛΟΝΙΚΗ
Η κίνησις του λιμένος
ΘΕΣ/ΝΙΚΗ, 21 Αυγούστου
Σύνδεσμος Ιδιοκτητών φορτηγίων
ΘΕΑΤΡΑ

Κοτοπούλη.— «Ο σκοτωμένος που θέλει αγάπη»

Αλάμπρα.— «Αλλού το κατσαράκι»

Λευκαδία.— «Hôtel Royal»

Απόλλων.— «Η Καρμέν»

Κυβέλης.— «Αγνή»

Ιντιμέ.— «Μουσικαλίδης»

Παπαϊωάννου.— «Η Κλεισθένη»

Κεντρικόν.— «Κόκκινος Κρίνος»

Μοντέρν.— «Ο Βουλευτής»

Ιλίσσια.— «Ο Βασιλεύς του Νέγρου»

Ρουαγιάλ.— «Ο Τέλος»

Συνοικιακά

Κυσάκια.— «Γιά μια κουτσά»

Α.Ο.Δ.Ο.— «Οι Στρογγυλάδες»

Πανελλήνιον.— «Τα άγνωστα παιδιά»

Αλμπέρ.— «Ο Δόκτωρ Μαρουάλ»

Πάλας.— «Ο Αλβέρτος»

Μαρκόνι.— «Ταξίδεμα»

Σπλέντιτ.— «Ελευσίνια»

Ολύμπια.— «Σαρακατσανία»

Ροξύ.— «Πυρκαϊά του Τσάρου»

Κρυσταλ.— «Αλέκος Ερμιόνης»

Παλλάς.— «Τερέζα Ρακέν»

Φωτικάνια.— «Η Παναγία της Κορίνθου»

Ατλαντίς.— «Ερωτευμένοι θαλασσοτόποι»

Μάξιμ.— «Αίθουσα Συναυλιών»

Παρθενών.— «Το άνθος του Νίλου»

Πρεσένταν.— «Εκάτο του Πετρου»

Αρης.— «Τα σπίτια του Αστικού»
